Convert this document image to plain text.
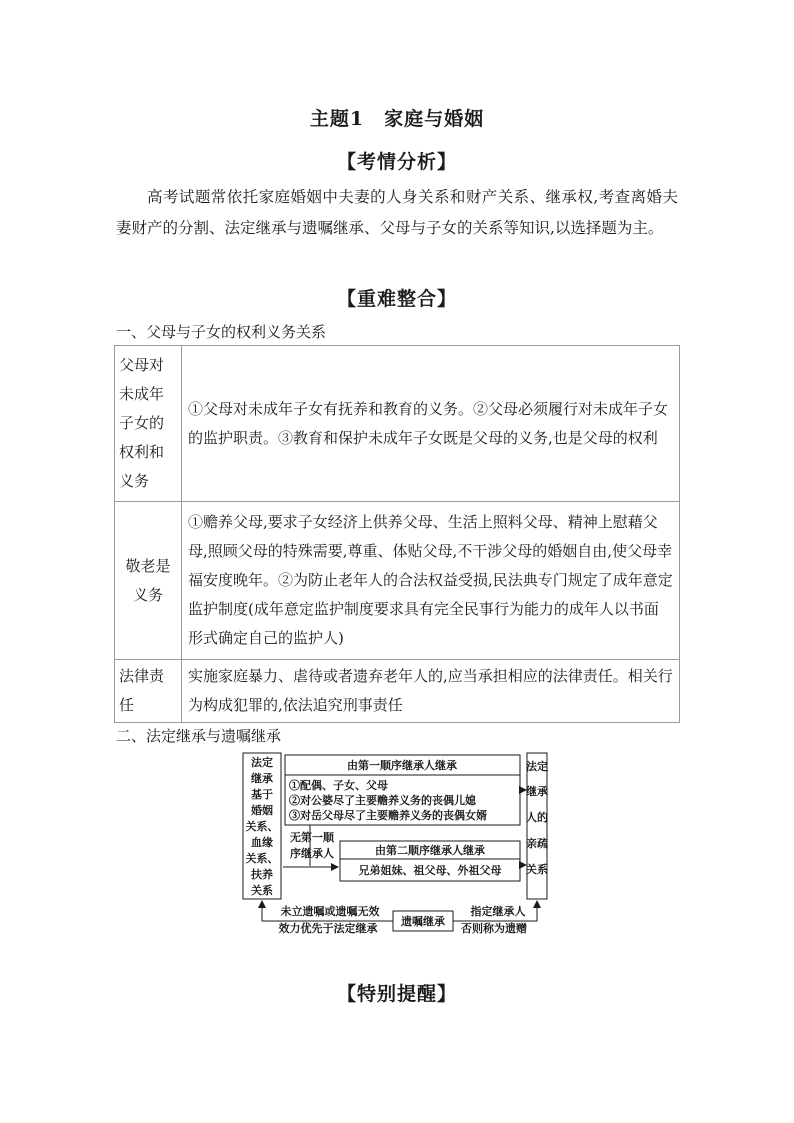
主题1　家庭与婚姻
【考情分析】
高考试题常依托家庭婚姻中夫妻的人身关系和财产关系、继承权,考查离婚夫妻财产的分割、法定继承与遗嘱继承、父母与子女的关系等知识,以选择题为主。
【重难整合】
一、父母与子女的权利义务关系
父母对未成年子女的权利和义务	①父母对未成年子女有抚养和教育的义务。②父母必须履行对未成年子女的监护职责。③教育和保护未成年子女既是父母的义务,也是父母的权利
敬老是义务	①赡养父母,要求子女经济上供养父母、生活上照料父母、精神上慰藉父母,照顾父母的特殊需要,尊重、体贴父母,不干涉父母的婚姻自由,使父母幸福安度晚年。②为防止老年人的合法权益受损,民法典专门规定了成年意定监护制度(成年意定监护制度要求具有完全民事行为能力的成年人以书面形式确定自己的监护人)
法律责任	实施家庭暴力、虐待或者遗弃老年人的,应当承担相应的法律责任。相关行为构成犯罪的,依法追究刑事责任
二、法定继承与遗嘱继承
法定
继承
基于
婚姻
关系、
血缘
关系、
扶养
关系
由第一顺序继承人继承
①配偶、子女、父母
②对公婆尽了主要赡养义务的丧偶儿媳
③对岳父母尽了主要赡养义务的丧偶女婿
无第一顺
序继承人	由第二顺序继承人继承
兄弟姐妹、祖父母、外祖父母
法定
继承
人的
亲疏
关系
遗嘱继承
未立遗嘱或遗嘱无效
效力优先于法定继承
指定继承人
否则称为遗赠
【特别提醒】
